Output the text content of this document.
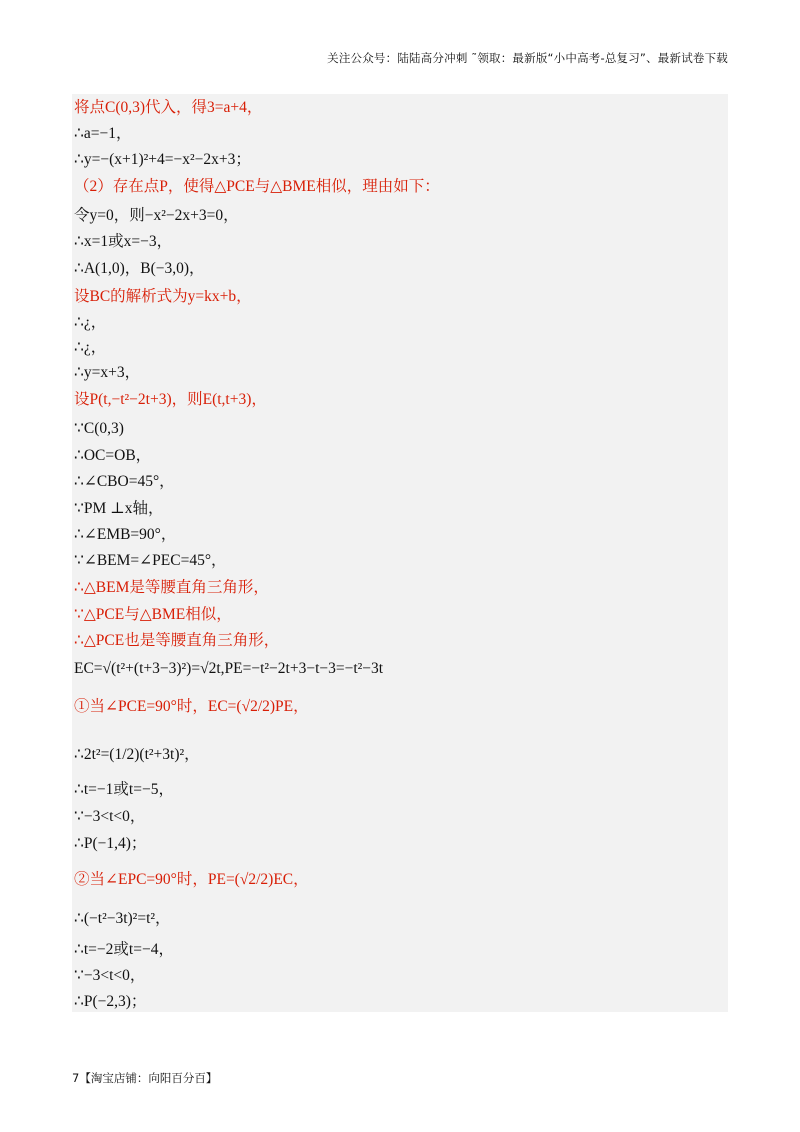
关注公众号：陆陆高分冲刺 ˜领取：最新版“小中高考-总复习”、最新试卷下载
将点C(0,3)代入，得3=a+4，
∴a=−1，
∴y=−(x+1)²+4=−x²−2x+3；
（2）存在点P，使得△PCE与△BME相似，理由如下：
令y=0，则−x²−2x+3=0，
∴x=1或x=−3，
∴A(1,0)，B(−3,0)，
设BC的解析式为y=kx+b，
∴¿，
∴¿，
∴y=x+3，
设P(t,−t²−2t+3)，则E(t,t+3)，
∵C(0,3)
∴OC=OB，
∴∠CBO=45°，
∵PM ⊥x轴，
∴∠EMB=90°，
∵∠BEM=∠PEC=45°，
∴△BEM是等腰直角三角形，
∵△PCE与△BME相似，
∴△PCE也是等腰直角三角形，
EC=√(t²+(t+3−3)²)=√2t,PE=−t²−2t+3−t−3=−t²−3t
①当∠PCE=90°时，EC=(√2/2)PE，
∴2t²=(1/2)(t²+3t)²，
∴t=−1或t=−5，
∵−3<t<0，
∴P(−1,4)；
②当∠EPC=90°时，PE=(√2/2)EC，
∴(−t²−3t)²=t²，
∴t=−2或t=−4，
∵−3<t<0，
∴P(−2,3)；
7【淘宝店铺：向阳百分百】
